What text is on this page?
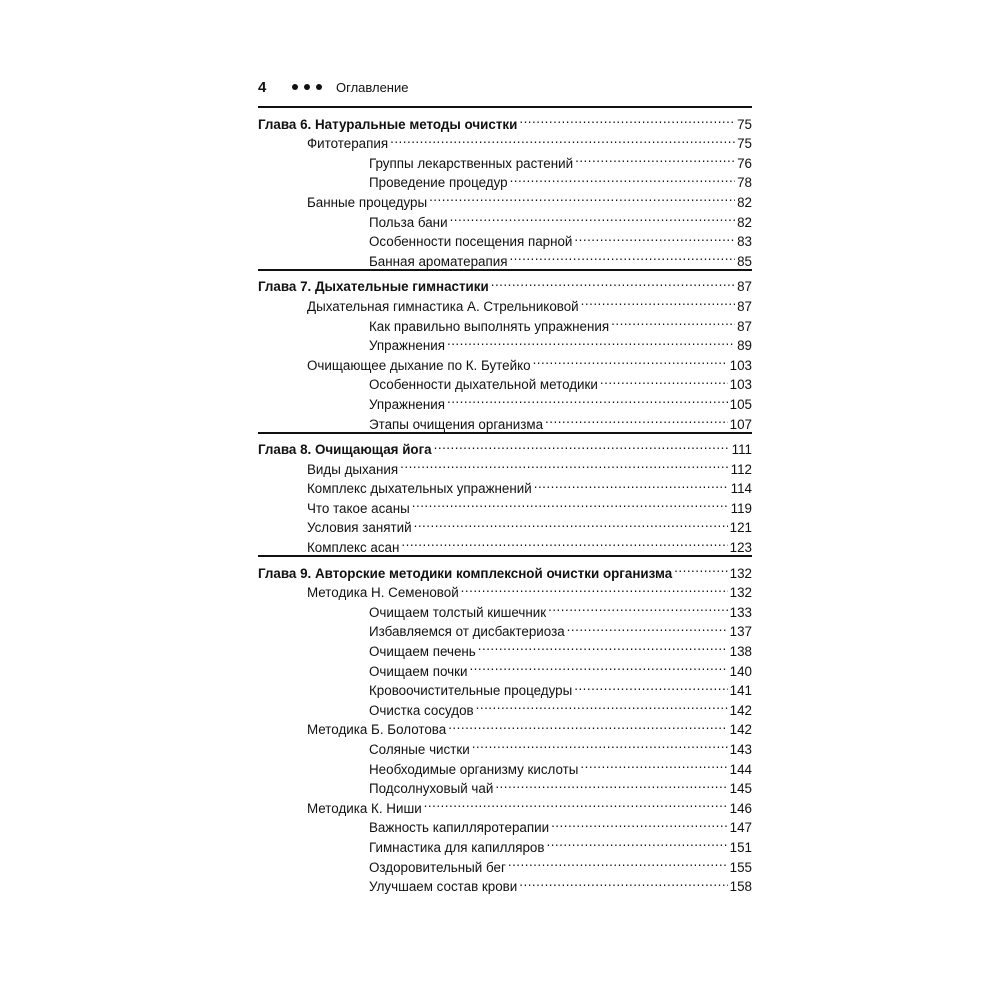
4	Оглавление
Глава 6. Натуральные методы очистки .....	75
Фитотерапия .....	75
Группы лекарственных растений .....	76
Проведение процедур .....	78
Банные процедуры .....	82
Польза бани .....	82
Особенности посещения парной .....	83
Банная ароматерапия .....	85
Глава 7. Дыхательные гимнастики .....	87
Дыхательная гимнастика А. Стрельниковой .....	87
Как правильно выполнять упражнения .....	87
Упражнения .....	89
Очищающее дыхание по К. Бутейко .....	103
Особенности дыхательной методики .....	103
Упражнения .....	105
Этапы очищения организма .....	107
Глава 8. Очищающая йога .....	111
Виды дыхания .....	112
Комплекс дыхательных упражнений .....	114
Что такое асаны .....	119
Условия занятий .....	121
Комплекс асан .....	123
Глава 9. Авторские методики комплексной очистки организма .....	132
Методика Н. Семеновой .....	132
Очищаем толстый кишечник .....	133
Избавляемся от дисбактериоза .....	137
Очищаем печень .....	138
Очищаем почки .....	140
Кровоочистительные процедуры .....	141
Очистка сосудов .....	142
Методика Б. Болотова .....	142
Соляные чистки .....	143
Необходимые организму кислоты .....	144
Подсолнуховый чай .....	145
Методика К. Ниши .....	146
Важность капилляротерапии .....	147
Гимнастика для капилляров .....	151
Оздоровительный бег .....	155
Улучшаем состав крови .....	158
